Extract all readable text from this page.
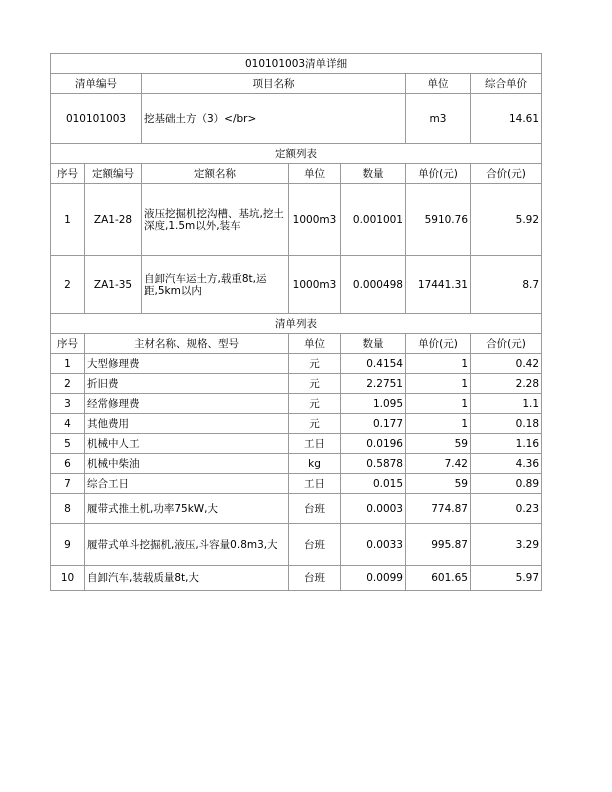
010101003清单详细						
清单编号		项目名称			单位	综合单价
010101003		挖基础土方（3）</br>			m3	14.61
定额列表						
序号	定额编号	定额名称	单位	数量	单价(元)	合价(元)
1	ZA1-28	液压挖掘机挖沟槽、基坑,挖土深度,1.5m以外,装车	1000m3	0.001001	5910.76	5.92
2	ZA1-35	自卸汽车运土方,载重8t,运距,5km以内	1000m3	0.000498	17441.31	8.7
清单列表						
序号	主材名称、规格、型号		单位	数量	单价(元)	合价(元)
1	大型修理费		元	0.4154	1	0.42
2	折旧费		元	2.2751	1	2.28
3	经常修理费		元	1.095	1	1.1
4	其他费用		元	0.177	1	0.18
5	机械中人工		工日	0.0196	59	1.16
6	机械中柴油		kg	0.5878	7.42	4.36
7	综合工日		工日	0.015	59	0.89
8	履带式推土机,功率75kW,大		台班	0.0003	774.87	0.23
9	履带式单斗挖掘机,液压,斗容量0.8m3,大		台班	0.0033	995.87	3.29
10	自卸汽车,装载质量8t,大		台班	0.0099	601.65	5.97
